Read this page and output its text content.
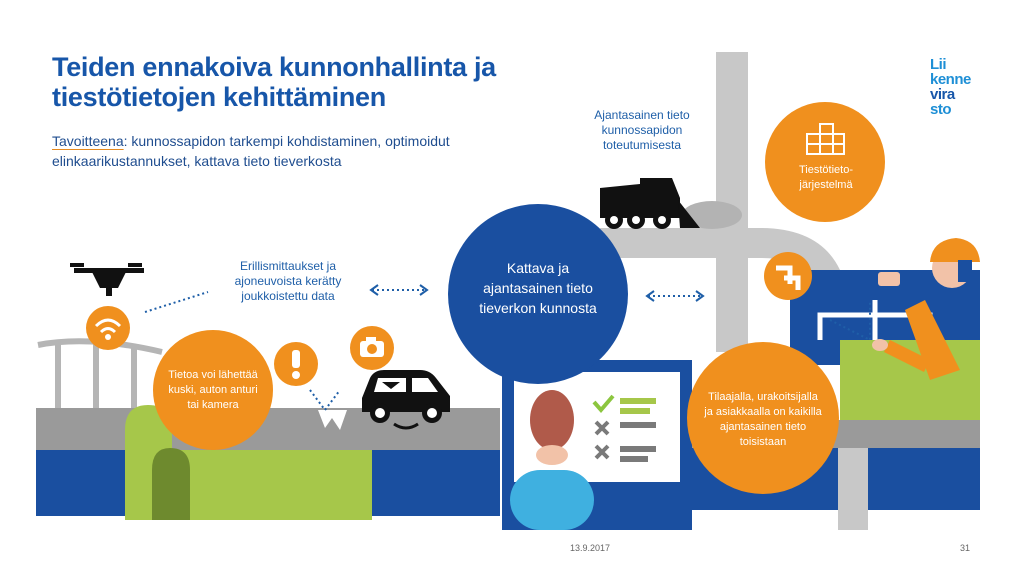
Teiden ennakoiva kunnonhallinta ja tiestötietojen kehittäminen
Tavoitteena: kunnossapidon tarkempi kohdistaminen, optimoidut elinkaarikustannukset, kattava tieto tieverkosta
Lii
kenne
vira
sto
Erillismittaukset ja ajoneuvoista kerätty joukkoistettu data
Ajantasainen tieto kunnossapidon toteutumisesta
Tietoa voi lähettää kuski, auton anturi tai kamera
Kattava ja ajantasainen tieto tieverkon kunnosta
Tiestötieto-järjestelmä
Tilaajalla, urakoitsijalla ja asiakkaalla on kaikilla ajantasainen tieto toisistaan
13.9.2017	31
